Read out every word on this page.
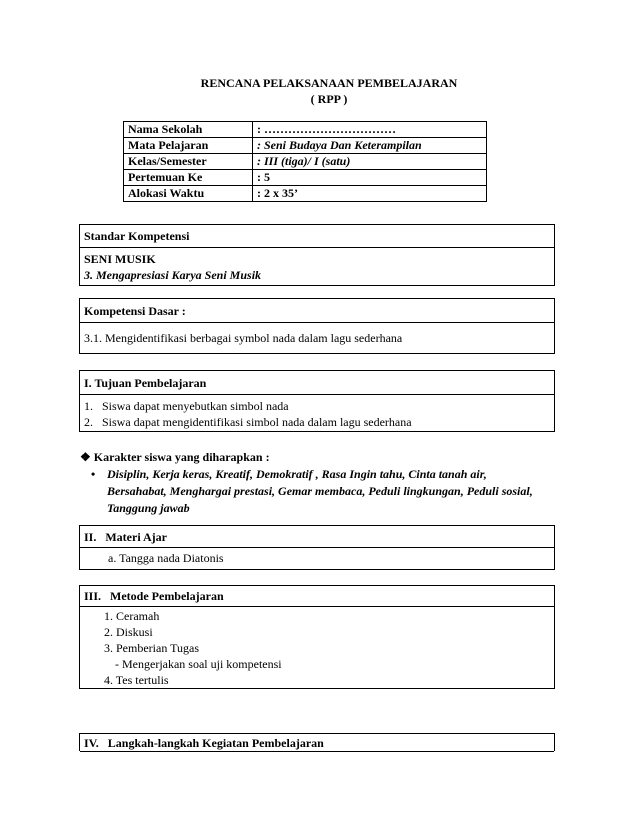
RENCANA PELAKSANAAN PEMBELAJARAN
( RPP )
Nama Sekolah	: ……………………………
Mata Pelajaran	: Seni Budaya Dan Keterampilan
Kelas/Semester	: III (tiga)/ I (satu)
Pertemuan Ke	: 5
Alokasi Waktu	: 2 x 35’
Standar Kompetensi
SENI MUSIK
3. Mengapresiasi Karya Seni Musik
Kompetensi Dasar :
3.1. Mengidentifikasi berbagai symbol nada dalam lagu sederhana
I. Tujuan Pembelajaran
1.   Siswa dapat menyebutkan simbol nada
2.   Siswa dapat mengidentifikasi simbol nada dalam lagu sederhana
❖ Karakter siswa yang diharapkan :
• Disiplin, Kerja keras, Kreatif, Demokratif , Rasa Ingin tahu, Cinta tanah air,
Bersahabat, Menghargai prestasi, Gemar membaca, Peduli lingkungan, Peduli sosial,
Tanggung jawab
II.   Materi Ajar
a. Tangga nada Diatonis
III.   Metode Pembelajaran
1. Ceramah
2. Diskusi
3. Pemberian Tugas
- Mengerjakan soal uji kompetensi
4. Tes tertulis
IV.   Langkah-langkah Kegiatan Pembelajaran
